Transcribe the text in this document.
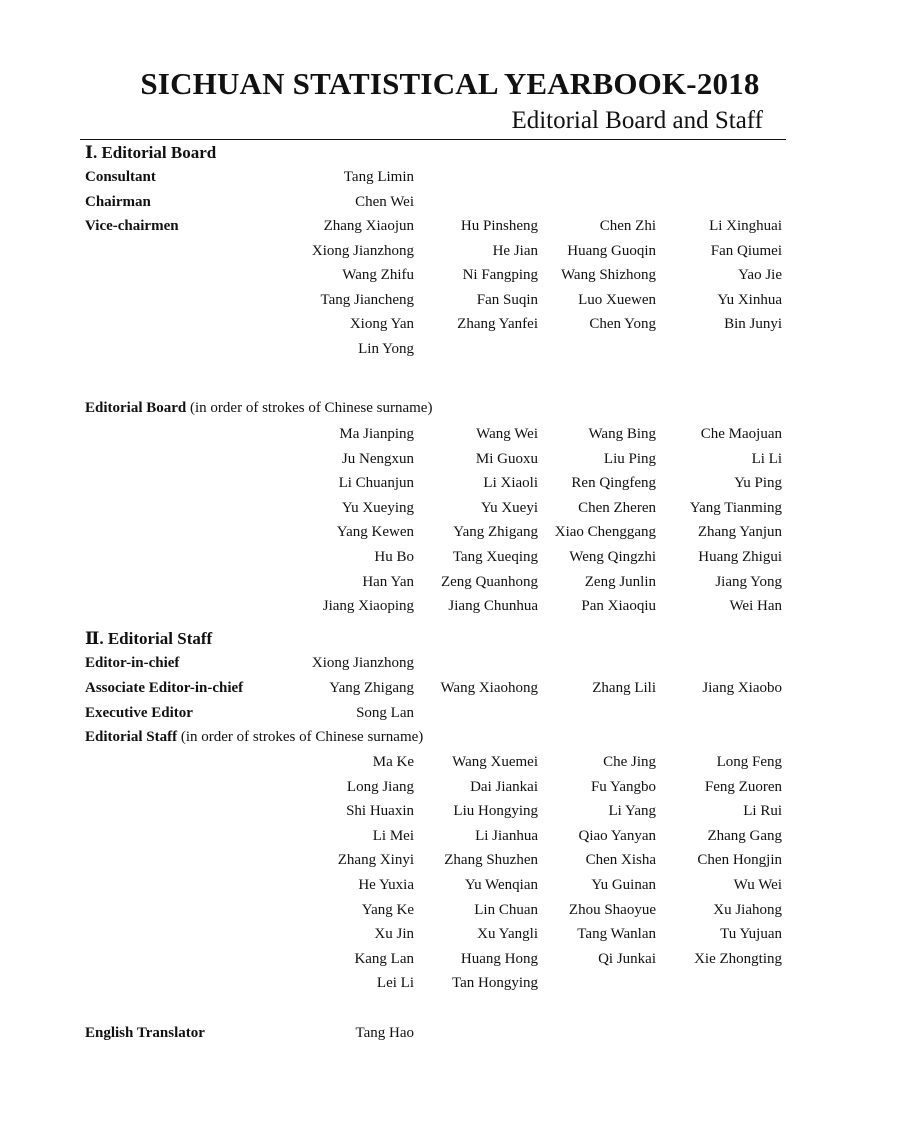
SICHUAN STATISTICAL YEARBOOK-2018
Editorial Board and Staff
Ⅰ. Editorial Board
Consultant	Tang Limin
Chairman	Chen Wei
Vice-chairmen	Zhang Xiaojun	Hu Pinsheng	Chen Zhi	Li Xinghuai
Xiong Jianzhong	He Jian	Huang Guoqin	Fan Qiumei
Wang Zhifu	Ni Fangping	Wang Shizhong	Yao Jie
Tang Jiancheng	Fan Suqin	Luo Xuewen	Yu Xinhua
Xiong Yan	Zhang Yanfei	Chen Yong	Bin Junyi
Lin Yong
Editorial Board (in order of strokes of Chinese surname)
Ma Jianping	Wang Wei	Wang Bing	Che Maojuan
Ju Nengxun	Mi Guoxu	Liu Ping	Li Li
Li Chuanjun	Li Xiaoli	Ren Qingfeng	Yu Ping
Yu Xueying	Yu Xueyi	Chen Zheren	Yang Tianming
Yang Kewen	Yang Zhigang	Xiao Chenggang	Zhang Yanjun
Hu Bo	Tang Xueqing	Weng Qingzhi	Huang Zhigui
Han Yan	Zeng Quanhong	Zeng Junlin	Jiang Yong
Jiang Xiaoping	Jiang Chunhua	Pan Xiaoqiu	Wei Han
Ⅱ. Editorial Staff
Editor-in-chief	Xiong Jianzhong
Associate Editor-in-chief	Yang Zhigang	Wang Xiaohong	Zhang Lili	Jiang Xiaobo
Executive Editor	Song Lan
Editorial Staff (in order of strokes of Chinese surname)
Ma Ke	Wang Xuemei	Che Jing	Long Feng
Long Jiang	Dai Jiankai	Fu Yangbo	Feng Zuoren
Shi Huaxin	Liu Hongying	Li Yang	Li Rui
Li Mei	Li Jianhua	Qiao Yanyan	Zhang Gang
Zhang Xinyi	Zhang Shuzhen	Chen Xisha	Chen Hongjin
He Yuxia	Yu Wenqian	Yu Guinan	Wu Wei
Yang Ke	Lin Chuan	Zhou Shaoyue	Xu Jiahong
Xu Jin	Xu Yangli	Tang Wanlan	Tu Yujuan
Kang Lan	Huang Hong	Qi Junkai	Xie Zhongting
Lei Li	Tan Hongying
English Translator	Tang Hao
